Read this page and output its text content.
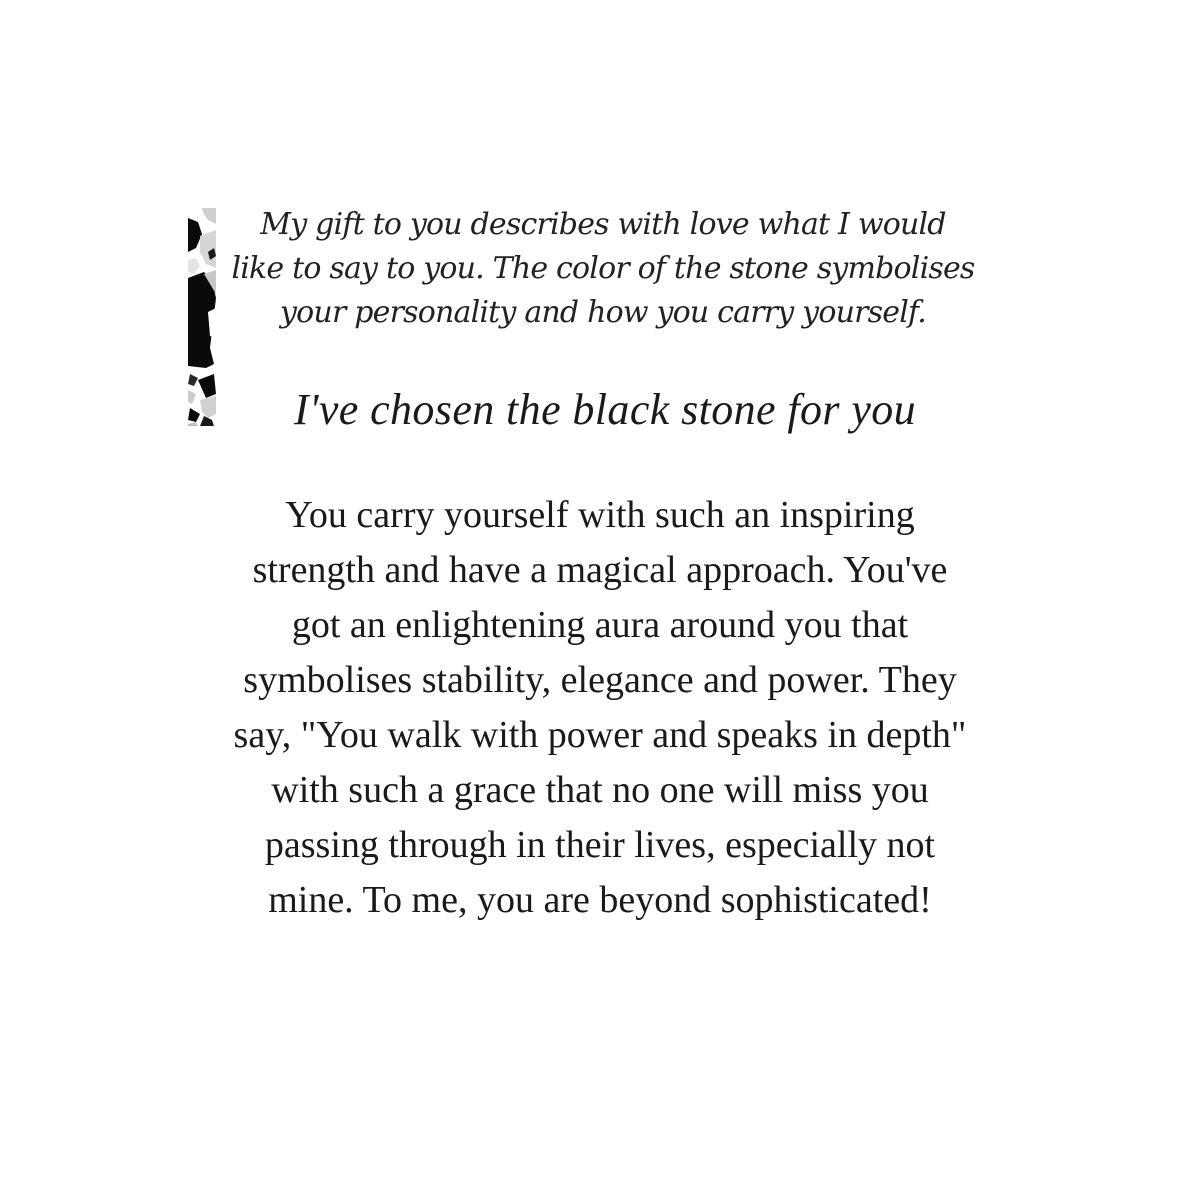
My gift to you describes with love what I would
like to say to you. The color of the stone symbolises
your personality and how you carry yourself.

I've chosen the black stone for you

You carry yourself with such an inspiring
strength and have a magical approach. You've
got an enlightening aura around you that
symbolises stability, elegance and power. They
say, "You walk with power and speaks in depth"
with such a grace that no one will miss you
passing through in their lives, especially not
mine. To me, you are beyond sophisticated!
